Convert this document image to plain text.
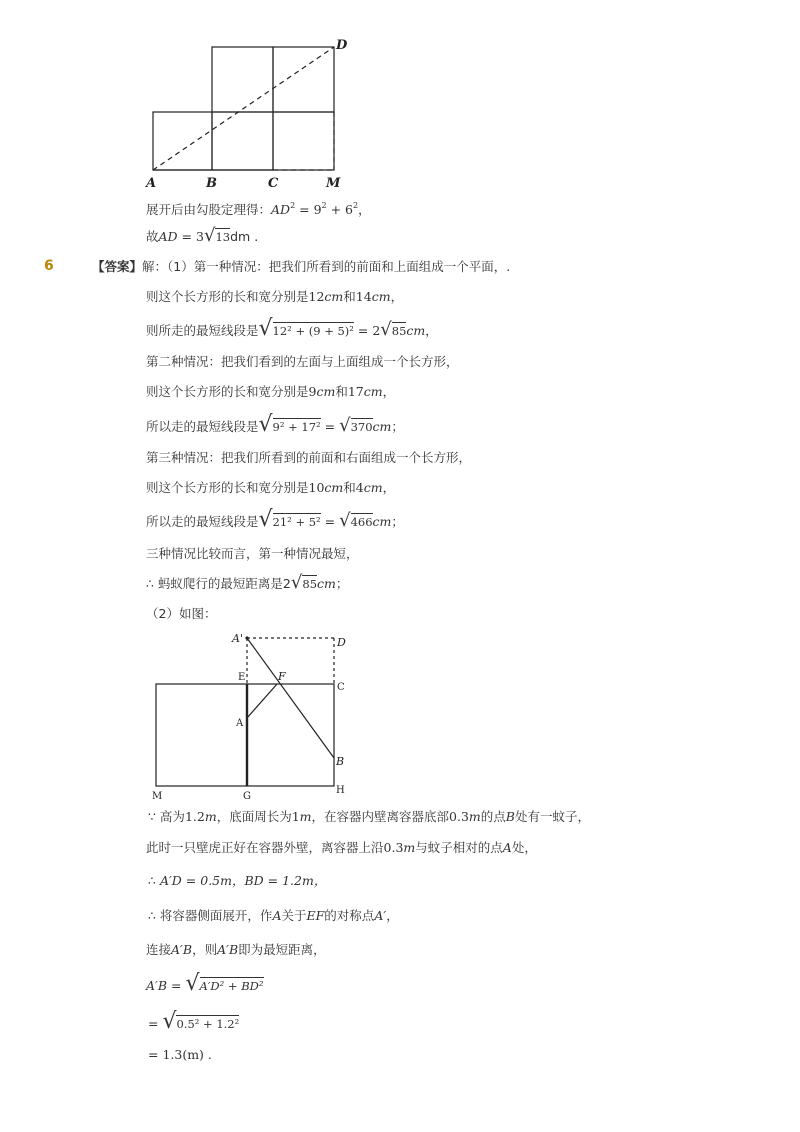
A	B	C	M
D
展开后由勾股定理得：$AD^2 = 9^2 + 6^2$，
故AD = 3√13dm .
6	【答案】解：（1）第一种情况：把我们所看到的前面和上面组成一个平面，.
则这个长方形的长和宽分别是12cm和14cm，
则所走的最短线段是√12² + (9 + 5)² = 2√85cm，
第二种情况：把我们看到的左面与上面组成一个长方形，
则这个长方形的长和宽分别是9cm和17cm，
所以走的最短线段是√9² + 17² = √370cm；
第三种情况：把我们所看到的前面和右面组成一个长方形，
则这个长方形的长和宽分别是10cm和4cm，
所以走的最短线段是√21² + 5² = √466cm；
三种情况比较而言，第一种情况最短，
∴ 蚂蚁爬行的最短距离是2√85cm；
（2）如图：
A'	D
E	F
C
A
B
M	G
H
∵ 高为1.2m，底面周长为1m，在容器内壁离容器底部0.3m的点B处有一蚊子，
此时一只壁虎正好在容器外壁，离容器上沿0.3m与蚊子相对的点A处，
∴ A′D = 0.5m，BD = 1.2m，
∴ 将容器侧面展开，作A关于EF的对称点A′，
连接A′B，则A′B即为最短距离，
A′B = √A′D² + BD²
= √0.5² + 1.2²
= 1.3(m) .
